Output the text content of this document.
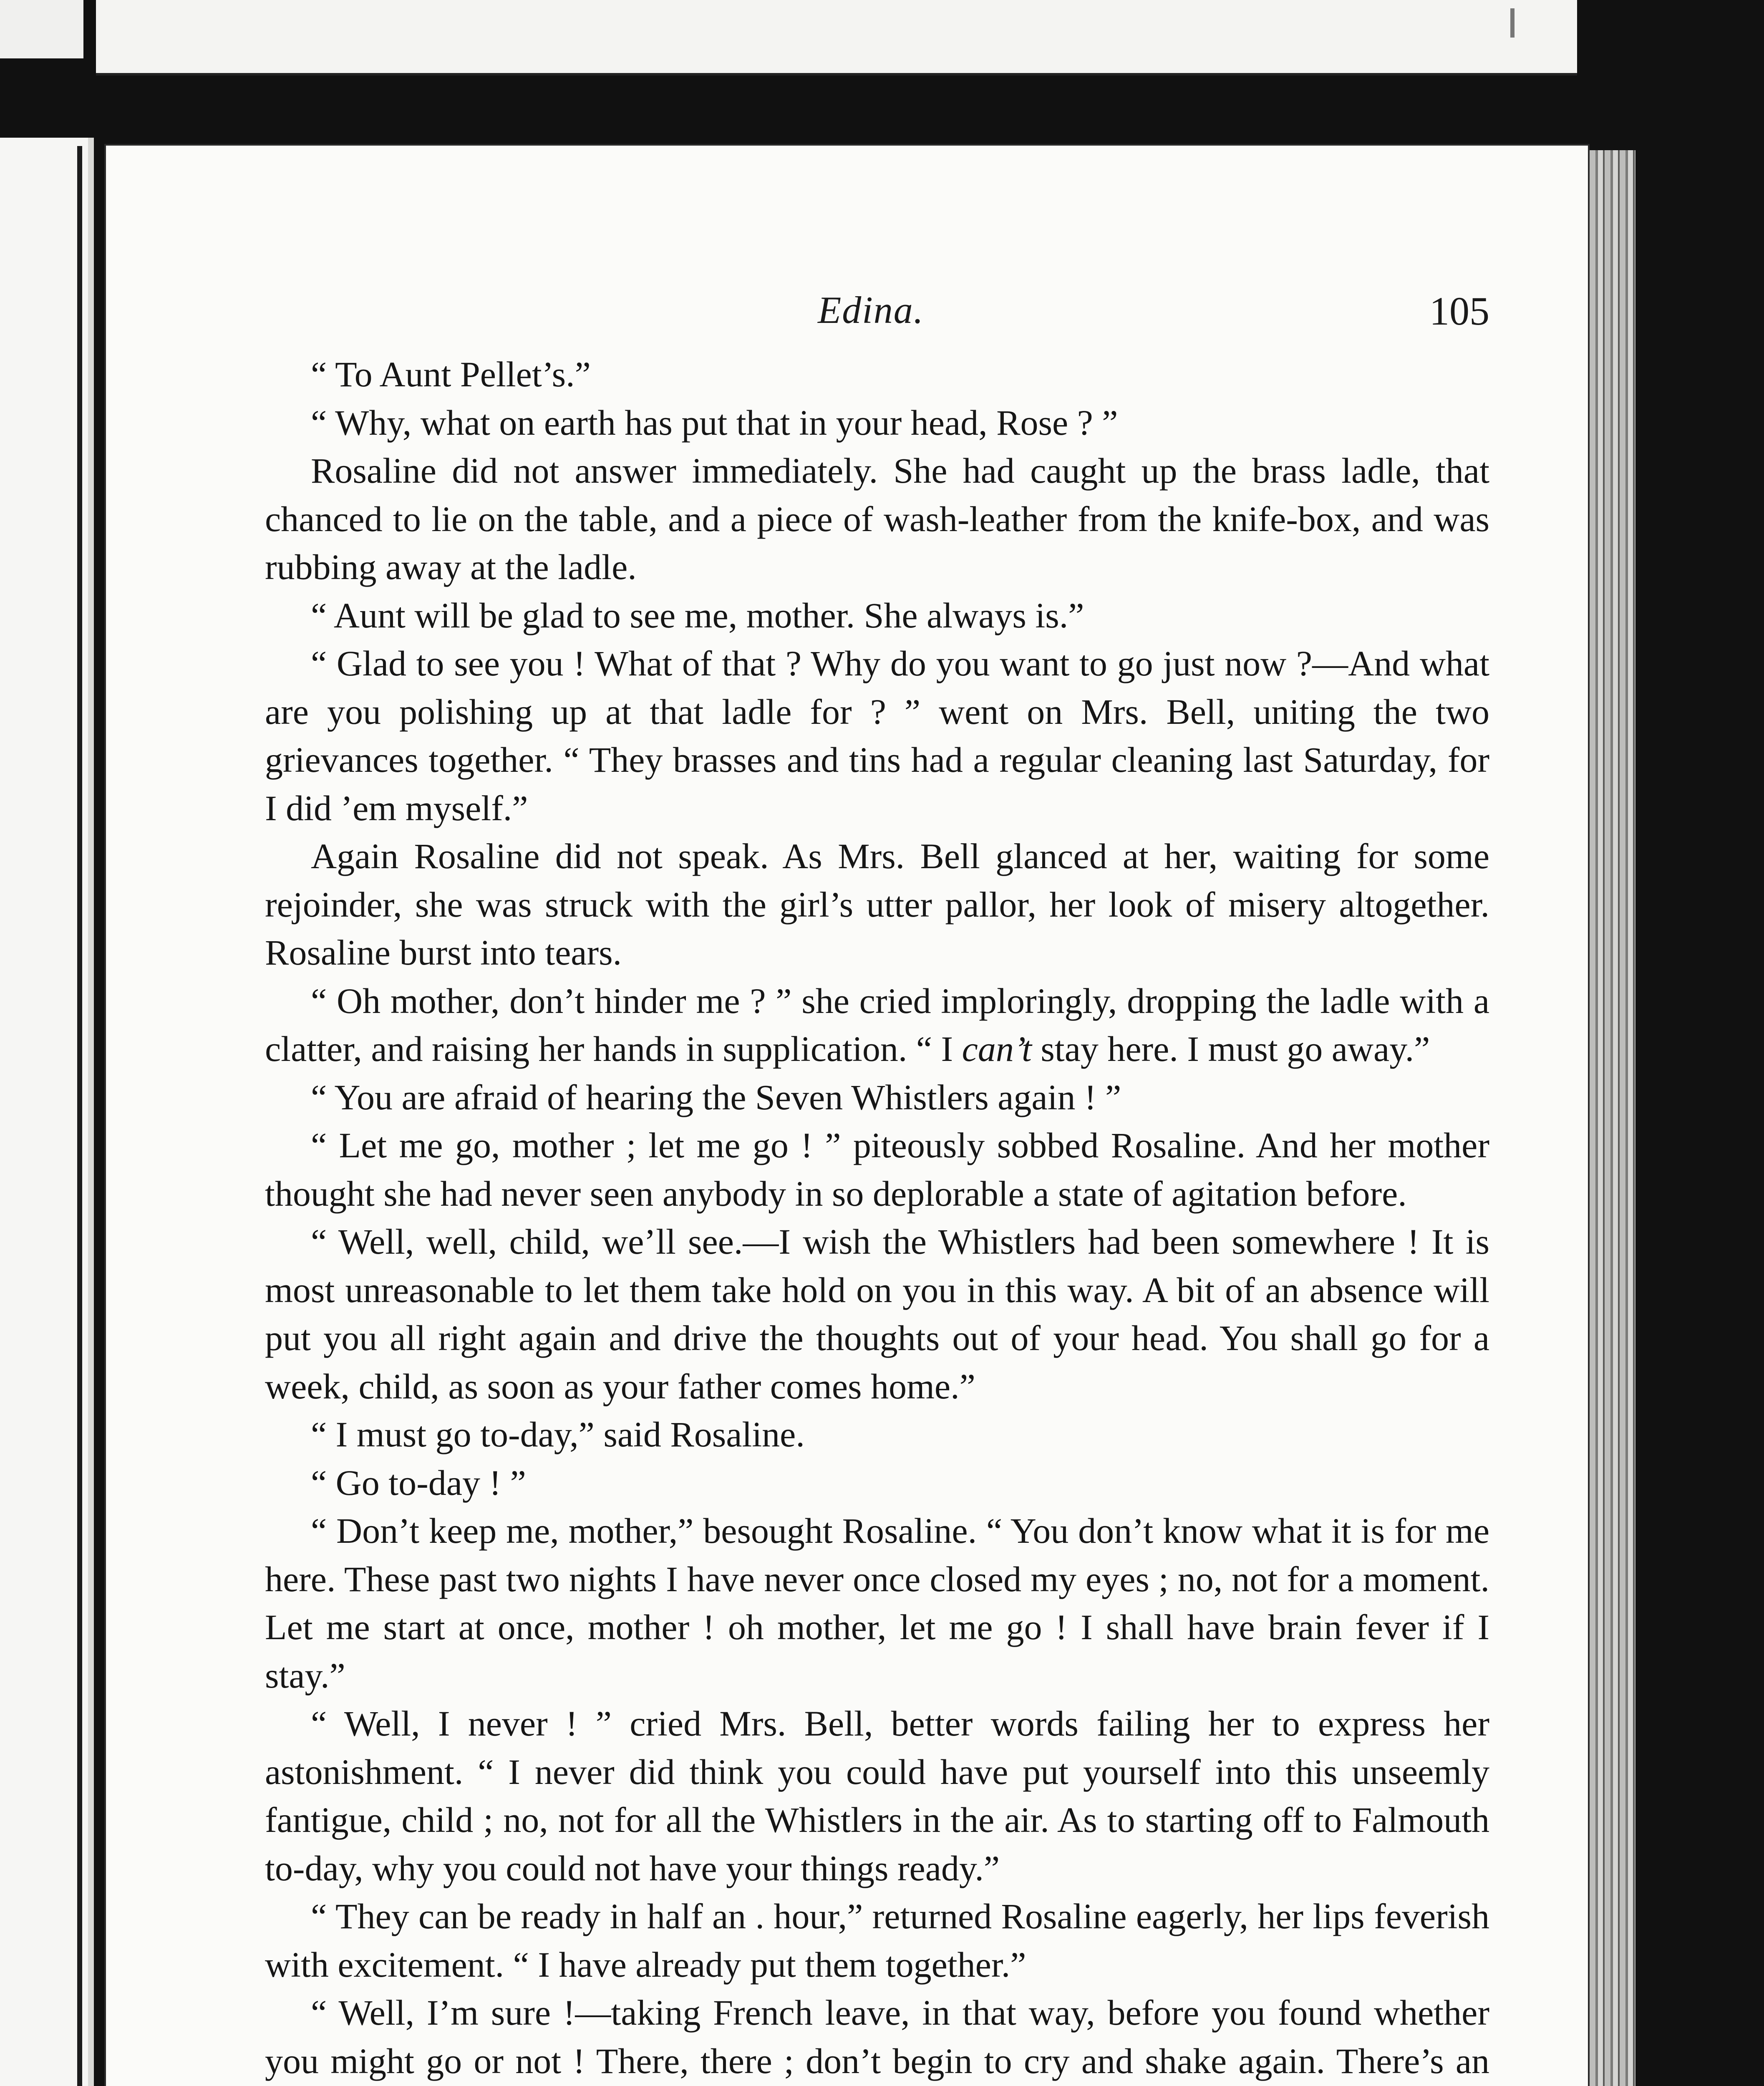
Edina.	105

“ To Aunt Pellet’s.”

“ Why, what on earth has put that in your head, Rose ? ”

Rosaline did not answer immediately. She had caught up the brass ladle, that chanced to lie on the table, and a piece of wash-leather from the knife-box, and was rubbing away at the ladle.

“ Aunt will be glad to see me, mother. She always is.”

“ Glad to see you ! What of that ? Why do you want to go just now ?—And what are you polishing up at that ladle for ? ” went on Mrs. Bell, uniting the two grievances together. “ They brasses and tins had a regular cleaning last Saturday, for I did ’em myself.”

Again Rosaline did not speak. As Mrs. Bell glanced at her, waiting for some rejoinder, she was struck with the girl’s utter pallor, her look of misery altogether. Rosaline burst into tears.

“ Oh mother, don’t hinder me ? ” she cried imploringly, dropping the ladle with a clatter, and raising her hands in supplication. “ I can’t stay here. I must go away.”

“ You are afraid of hearing the Seven Whistlers again ! ”

“ Let me go, mother ; let me go ! ” piteously sobbed Rosaline. And her mother thought she had never seen anybody in so deplorable a state of agitation before.

“ Well, well, child, we’ll see.—I wish the Whistlers had been somewhere ! It is most unreasonable to let them take hold on you in this way. A bit of an absence will put you all right again and drive the thoughts out of your head. You shall go for a week, child, as soon as your father comes home.”

“ I must go to-day,” said Rosaline.

“ Go to-day ! ”

“ Don’t keep me, mother,” besought Rosaline. “ You don’t know what it is for me here. These past two nights I have never once closed my eyes ; no, not for a moment. Let me start at once, mother ! oh mother, let me go ! I shall have brain fever if I stay.”

“ Well, I never ! ” cried Mrs. Bell, better words failing her to express her astonishment. “ I never did think you could have put yourself into this unseemly fantigue, child ; no, not for all the Whistlers in the air. As to starting off to Falmouth to-day, why you could not have your things ready.”

“ They can be ready in half an . hour,” returned Rosaline eagerly, her lips feverish with excitement. “ I have already put them together.”

“ Well, I’m sure !—taking French leave, in that way, before you found whether you might go or not ! There, there ; don’t begin to cry and shake again. There’s an
